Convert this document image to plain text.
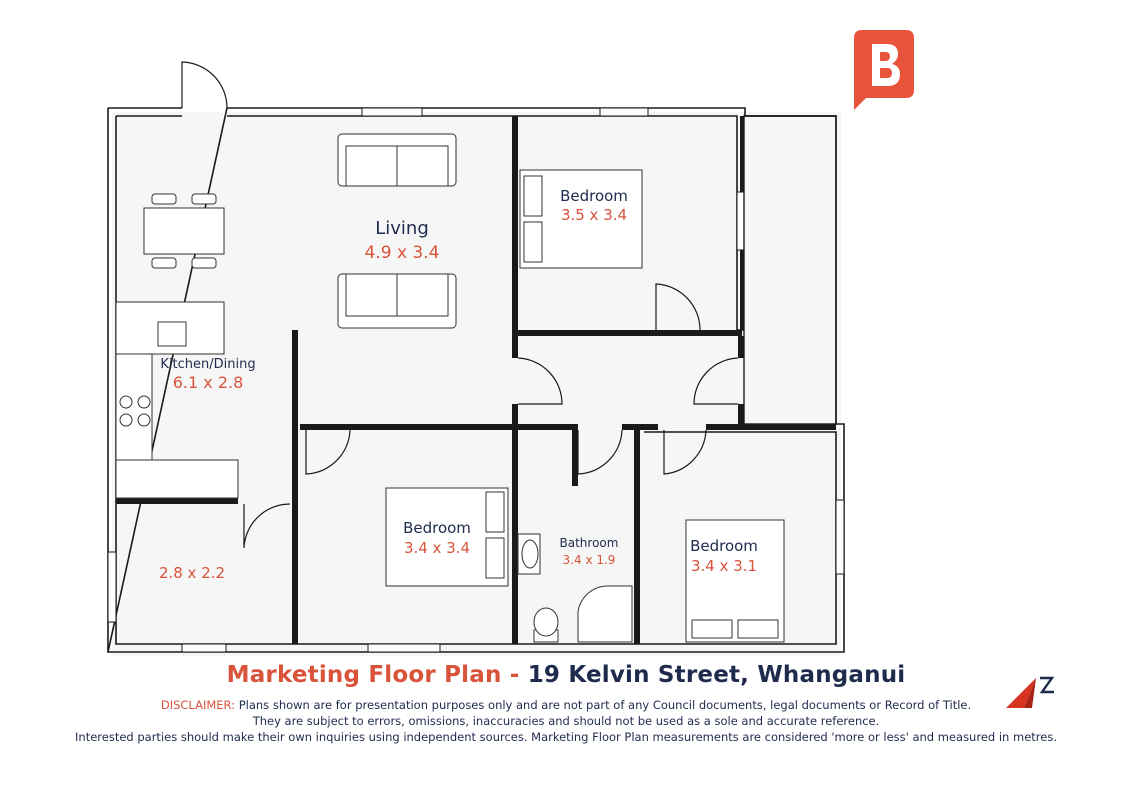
Living
4.9 x 3.4
Bedroom
3.5 x 3.4
Kitchen/Dining
6.1 x 2.8
2.8 x 2.2
Bedroom
3.4 x 3.4	Bathroom
3.4 x 1.9
Bedroom
3.4 x 3.1
Marketing Floor Plan - 19 Kelvin Street, Whanganui
DISCLAIMER: Plans shown are for presentation purposes only and are not part of any Council documents, legal documents or Record of Title.
They are subject to errors, omissions, inaccuracies and should not be used as a sole and accurate reference.
Interested parties should make their own inquiries using independent sources. Marketing Floor Plan measurements are considered 'more or less' and measured in metres.
